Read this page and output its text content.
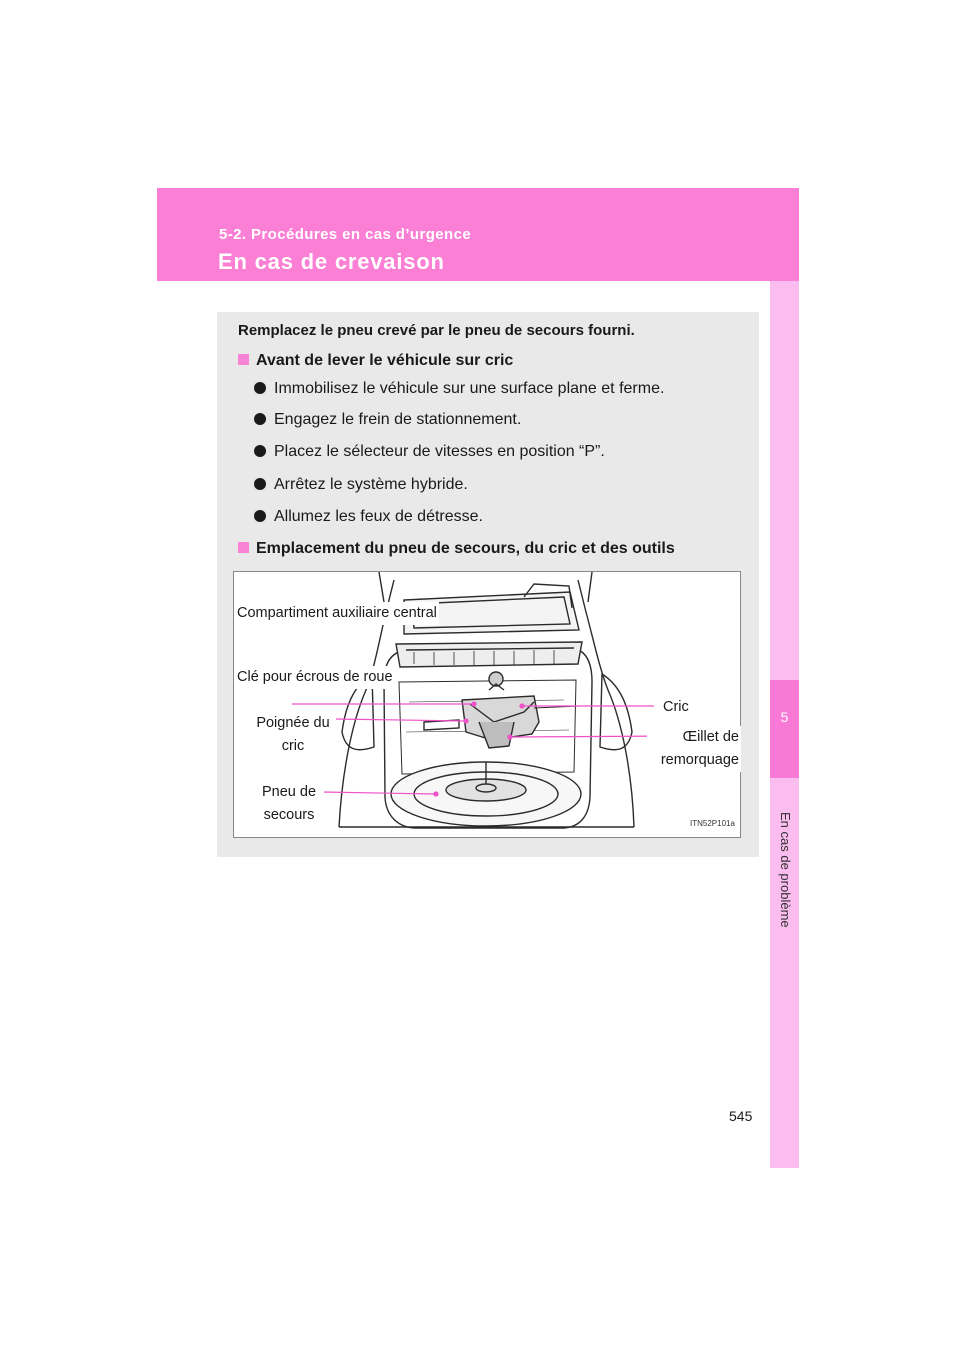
5-2. Procédures en cas d’urgence
En cas de crevaison
5
En cas de problème
Remplacez le pneu crevé par le pneu de secours fourni.
Avant de lever le véhicule sur cric
Immobilisez le véhicule sur une surface plane et ferme.
Engagez le frein de stationnement.
Placez le sélecteur de vitesses en position “P”.
Arrêtez le système hybride.
Allumez les feux de détresse.
Emplacement du pneu de secours, du cric et des outils
Compartiment auxiliaire central
Clé pour écrous de roue
Poignée du cric
Pneu de secours
Cric
Œillet de remorquage
ITN52P101a
545
